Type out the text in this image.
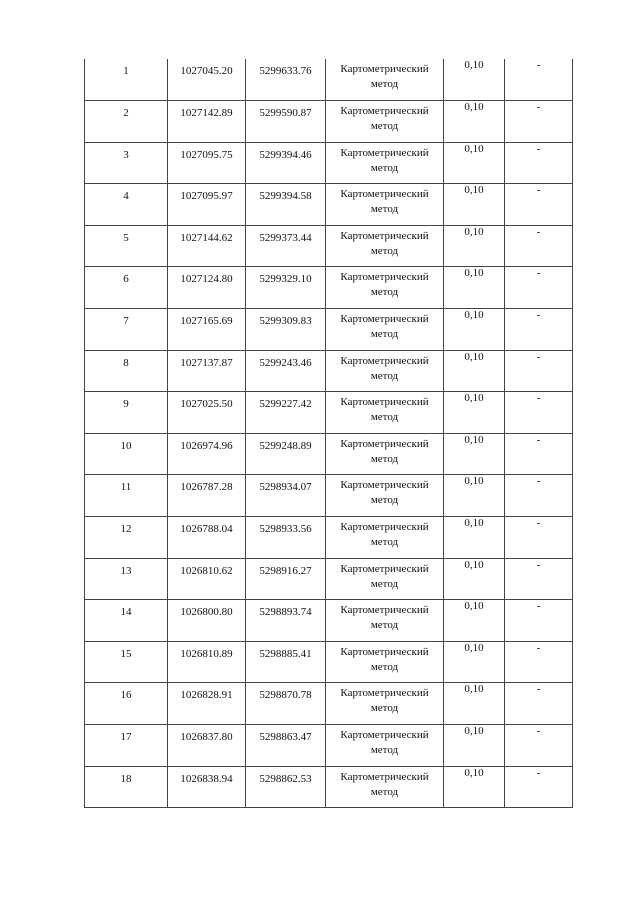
1	1027045.20	5299633.76	Картометрический
метод	0,10	-

2	1027142.89	5299590.87	Картометрический
метод	0,10	-

3	1027095.75	5299394.46	Картометрический
метод	0,10	-

4	1027095.97	5299394.58	Картометрический
метод	0,10	-

5	1027144.62	5299373.44	Картометрический
метод	0,10	-

6	1027124.80	5299329.10	Картометрический
метод	0,10	-

7	1027165.69	5299309.83	Картометрический
метод	0,10	-

8	1027137.87	5299243.46	Картометрический
метод	0,10	-

9	1027025.50	5299227.42	Картометрический
метод	0,10	-

10	1026974.96	5299248.89	Картометрический
метод	0,10	-

11	1026787.28	5298934.07	Картометрический
метод	0,10	-

12	1026788.04	5298933.56	Картометрический
метод	0,10	-

13	1026810.62	5298916.27	Картометрический
метод	0,10	-

14	1026800.80	5298893.74	Картометрический
метод	0,10	-

15	1026810.89	5298885.41	Картометрический
метод	0,10	-

16	1026828.91	5298870.78	Картометрический
метод	0,10	-

17	1026837.80	5298863.47	Картометрический
метод	0,10	-

18	1026838.94	5298862.53	Картометрический
метод	0,10	-
